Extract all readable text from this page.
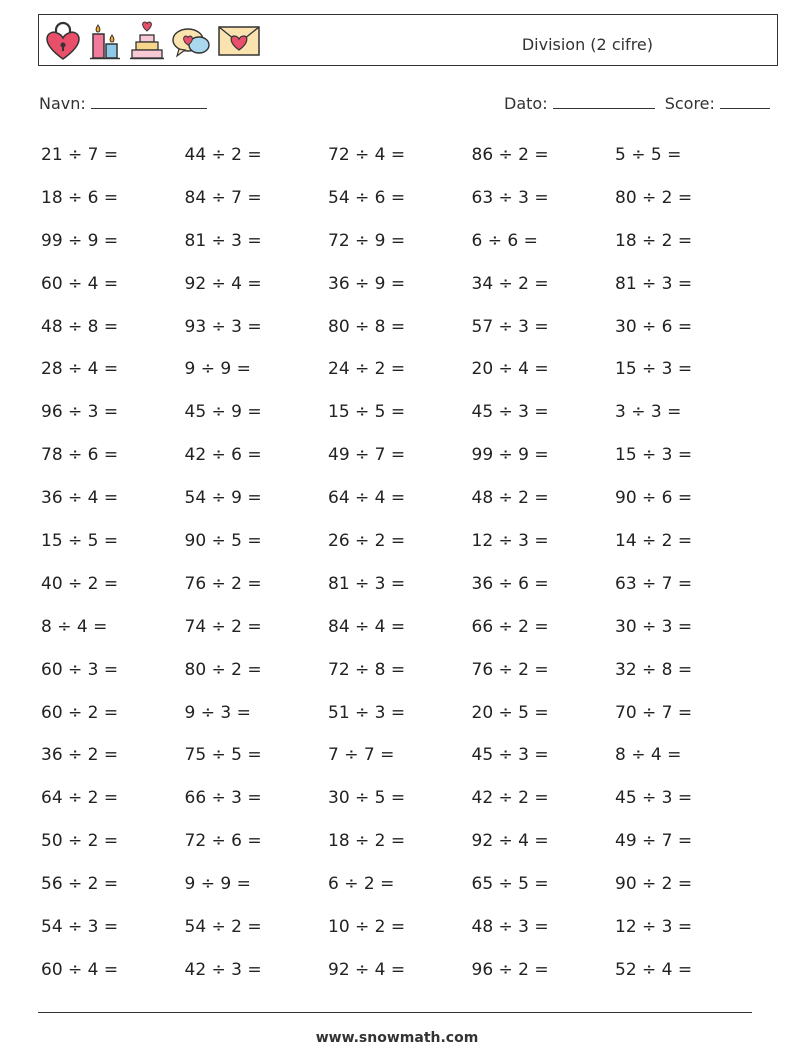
Division (2 cifre)
Navn:	Dato:	Score:
21 ÷ 7 =	44 ÷ 2 =	72 ÷ 4 =	86 ÷ 2 =	5 ÷ 5 =
18 ÷ 6 =	84 ÷ 7 =	54 ÷ 6 =	63 ÷ 3 =	80 ÷ 2 =
99 ÷ 9 =	81 ÷ 3 =	72 ÷ 9 =	6 ÷ 6 =	18 ÷ 2 =
60 ÷ 4 =	92 ÷ 4 =	36 ÷ 9 =	34 ÷ 2 =	81 ÷ 3 =
48 ÷ 8 =	93 ÷ 3 =	80 ÷ 8 =	57 ÷ 3 =	30 ÷ 6 =
28 ÷ 4 =	9 ÷ 9 =	24 ÷ 2 =	20 ÷ 4 =	15 ÷ 3 =
96 ÷ 3 =	45 ÷ 9 =	15 ÷ 5 =	45 ÷ 3 =	3 ÷ 3 =
78 ÷ 6 =	42 ÷ 6 =	49 ÷ 7 =	99 ÷ 9 =	15 ÷ 3 =
36 ÷ 4 =	54 ÷ 9 =	64 ÷ 4 =	48 ÷ 2 =	90 ÷ 6 =
15 ÷ 5 =	90 ÷ 5 =	26 ÷ 2 =	12 ÷ 3 =	14 ÷ 2 =
40 ÷ 2 =	76 ÷ 2 =	81 ÷ 3 =	36 ÷ 6 =	63 ÷ 7 =
8 ÷ 4 =	74 ÷ 2 =	84 ÷ 4 =	66 ÷ 2 =	30 ÷ 3 =
60 ÷ 3 =	80 ÷ 2 =	72 ÷ 8 =	76 ÷ 2 =	32 ÷ 8 =
60 ÷ 2 =	9 ÷ 3 =	51 ÷ 3 =	20 ÷ 5 =	70 ÷ 7 =
36 ÷ 2 =	75 ÷ 5 =	7 ÷ 7 =	45 ÷ 3 =	8 ÷ 4 =
64 ÷ 2 =	66 ÷ 3 =	30 ÷ 5 =	42 ÷ 2 =	45 ÷ 3 =
50 ÷ 2 =	72 ÷ 6 =	18 ÷ 2 =	92 ÷ 4 =	49 ÷ 7 =
56 ÷ 2 =	9 ÷ 9 =	6 ÷ 2 =	65 ÷ 5 =	90 ÷ 2 =
54 ÷ 3 =	54 ÷ 2 =	10 ÷ 2 =	48 ÷ 3 =	12 ÷ 3 =
60 ÷ 4 =	42 ÷ 3 =	92 ÷ 4 =	96 ÷ 2 =	52 ÷ 4 =
www.snowmath.com
